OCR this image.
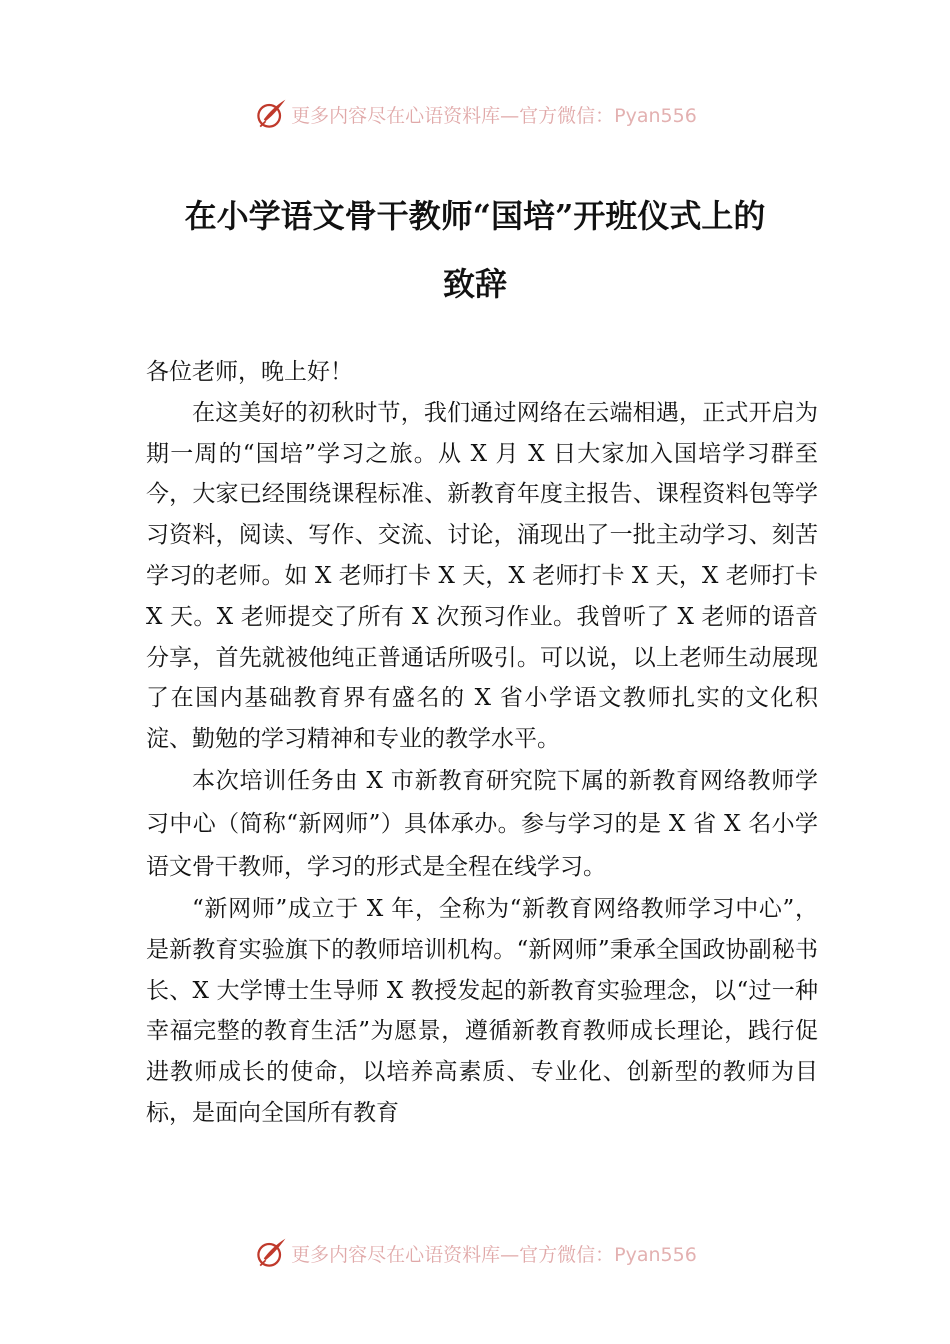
更多内容尽在心语资料库—官方微信：Pyan556
在小学语文骨干教师“国培”开班仪式上的
致辞

各位老师，晚上好！

在这美好的初秋时节，我们通过网络在云端相遇，正式开启为期一周的“国培”学习之旅。从 X 月 X 日大家加入国培学习群至今，大家已经围绕课程标准、新教育年度主报告、课程资料包等学习资料，阅读、写作、交流、讨论，涌现出了一批主动学习、刻苦学习的老师。如 X 老师打卡 X 天，X 老师打卡 X 天，X 老师打卡 X 天。X 老师提交了所有 X 次预习作业。我曾听了 X 老师的语音分享，首先就被他纯正普通话所吸引。可以说，以上老师生动展现了在国内基础教育界有盛名的 X 省小学语文教师扎实的文化积淀、勤勉的学习精神和专业的教学水平。

本次培训任务由 X 市新教育研究院下属的新教育网络教师学习中心（简称“新网师”）具体承办。参与学习的是 X 省 X 名小学语文骨干教师，学习的形式是全程在线学习。

“新网师”成立于 X 年，全称为“新教育网络教师学习中心”，是新教育实验旗下的教师培训机构。“新网师”秉承全国政协副秘书长、X 大学博士生导师 X 教授发起的新教育实验理念，以“过一种幸福完整的教育生活”为愿景，遵循新教育教师成长理论，践行促进教师成长的使命，以培养高素质、专业化、创新型的教师为目标，是面向全国所有教育

更多内容尽在心语资料库—官方微信：Pyan556
